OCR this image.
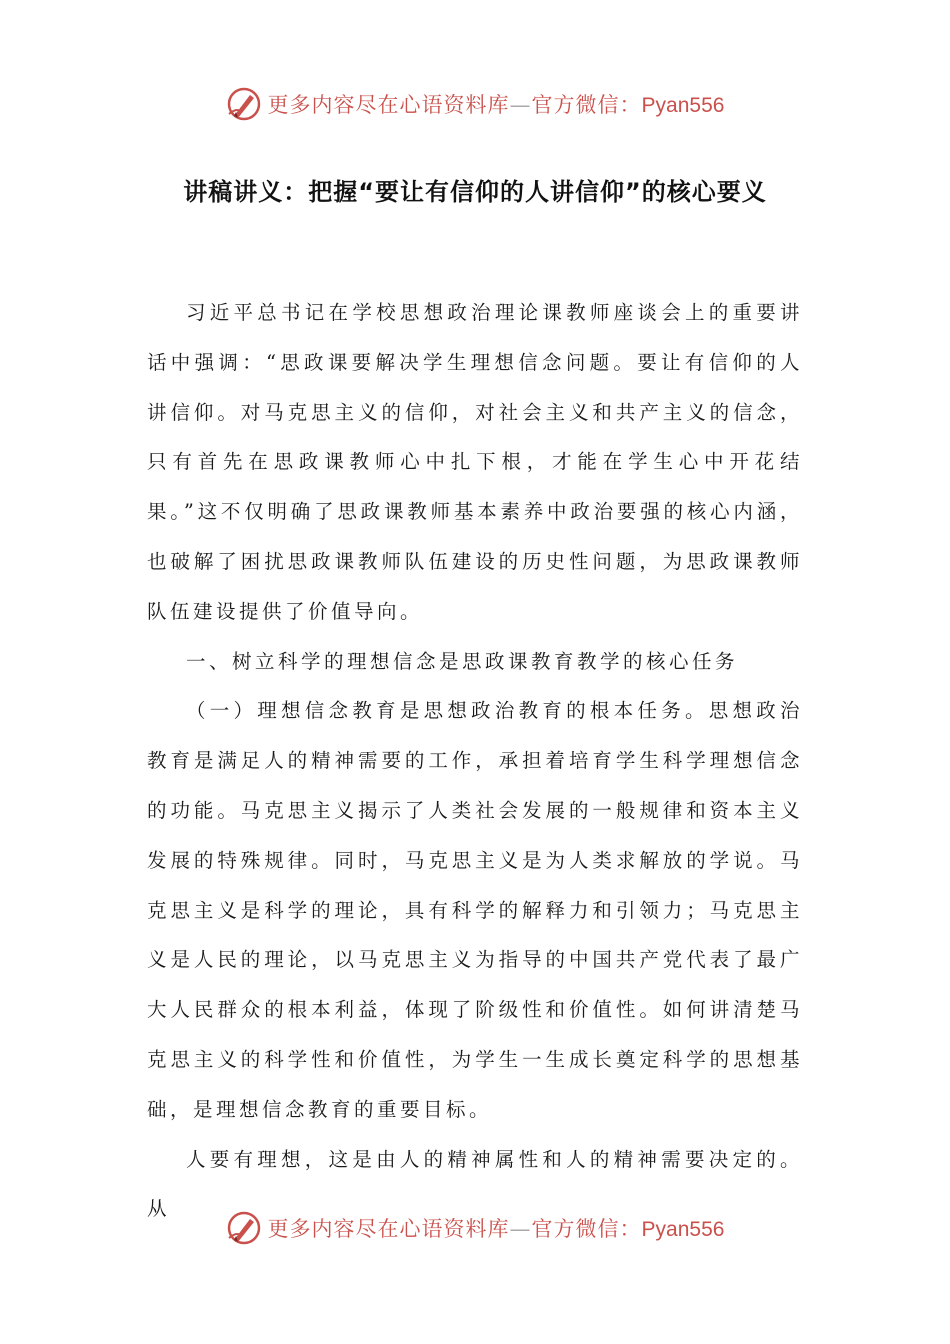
更多内容尽在心语资料库—官方微信：Pyan556
讲稿讲义：把握“要让有信仰的人讲信仰”的核心要义

习近平总书记在学校思想政治理论课教师座谈会上的重要讲话中强调：“思政课要解决学生理想信念问题。要让有信仰的人讲信仰。对马克思主义的信仰，对社会主义和共产主义的信念，只有首先在思政课教师心中扎下根，才能在学生心中开花结果。”这不仅明确了思政课教师基本素养中政治要强的核心内涵，也破解了困扰思政课教师队伍建设的历史性问题，为思政课教师队伍建设提供了价值导向。

一、树立科学的理想信念是思政课教育教学的核心任务

（一）理想信念教育是思想政治教育的根本任务。思想政治教育是满足人的精神需要的工作，承担着培育学生科学理想信念的功能。马克思主义揭示了人类社会发展的一般规律和资本主义发展的特殊规律。同时，马克思主义是为人类求解放的学说。马克思主义是科学的理论，具有科学的解释力和引领力；马克思主义是人民的理论，以马克思主义为指导的中国共产党代表了最广大人民群众的根本利益，体现了阶级性和价值性。如何讲清楚马克思主义的科学性和价值性，为学生一生成长奠定科学的思想基础，是理想信念教育的重要目标。

人要有理想，这是由人的精神属性和人的精神需要决定的。从

更多内容尽在心语资料库—官方微信：Pyan556
